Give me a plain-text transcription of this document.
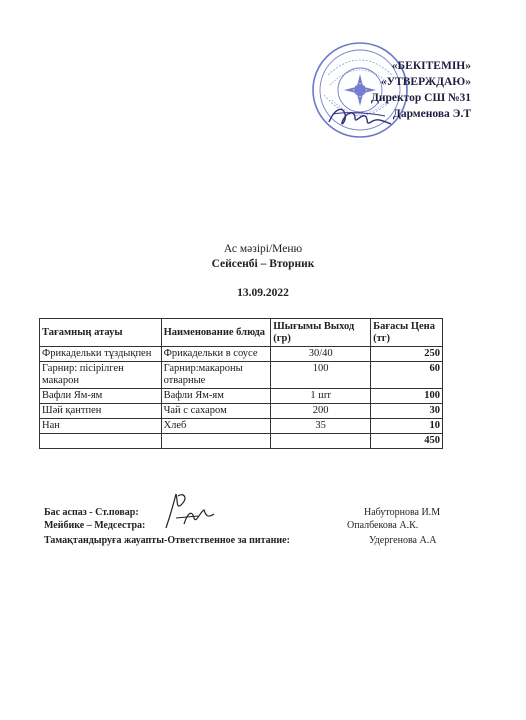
«БЕКІТЕМІН»
«УТВЕРЖДАЮ»
Директор СШ №31
Дарменова Э.Т
Ас мәзірі/Меню
Сейсенбі – Вторник
13.09.2022
Тағамның атауы	Наименование блюда	Шығымы Выход (гр)	Бағасы Цена (тг)
Фрикадельки тұздықпен	Фрикадельки в соусе	30/40	250
Гарнир: пісірілген макарон	Гарнир:макароны отварные	100	60
Вафли Ям-ям	Вафли Ям-ям	1 шт	100
Шәй қантпен	Чай с сахаром	200	30
Нан	Хлеб	35	10
			450
Бас аспаз - Ст.повар:
Мейбике – Медсестра:
Тамақтандыруға жауапты-Ответственное за питание:
Набуторнова И.М
Опалбекова А.К.
Удергенова А.А
